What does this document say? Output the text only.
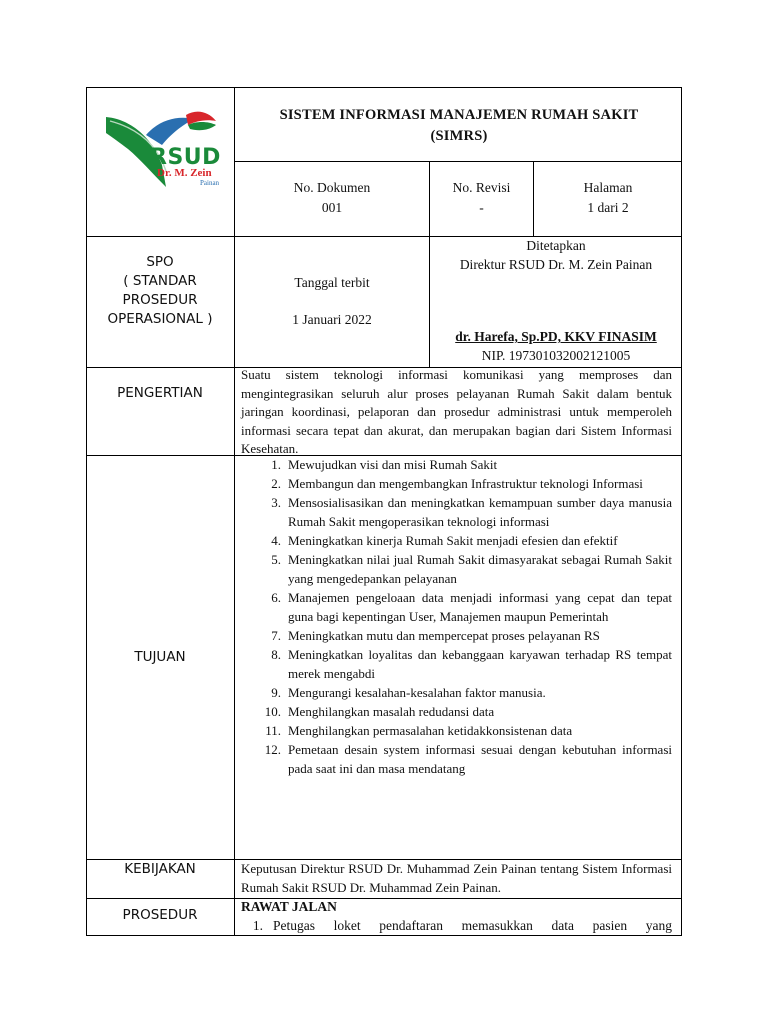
RSUD
Dr. M. Zein
Painan
SISTEM INFORMASI MANAJEMEN RUMAH SAKIT
(SIMRS)
No. Dokumen
001
No. Revisi
-
Halaman
1 dari 2
SPO
( STANDAR
PROSEDUR
OPERASIONAL )
Tanggal terbit
1 Januari 2022
Ditetapkan
Direktur RSUD Dr. M. Zein Painan
dr. Harefa, Sp.PD, KKV FINASIM
NIP. 197301032002121005
PENGERTIAN
Suatu sistem teknologi informasi komunikasi yang memproses dan mengintegrasikan seluruh alur proses pelayanan Rumah Sakit dalam bentuk jaringan koordinasi, pelaporan dan prosedur administrasi untuk memperoleh informasi secara tepat dan akurat, dan merupakan bagian dari Sistem Informasi Kesehatan.
TUJUAN
1. Mewujudkan visi dan misi Rumah Sakit
2. Membangun dan mengembangkan Infrastruktur teknologi Informasi
3. Mensosialisasikan dan meningkatkan kemampuan sumber daya manusia Rumah Sakit mengoperasikan teknologi informasi
4. Meningkatkan kinerja Rumah Sakit menjadi efesien dan efektif
5. Meningkatkan nilai jual Rumah Sakit dimasyarakat sebagai Rumah Sakit yang mengedepankan pelayanan
6. Manajemen pengeloaan data menjadi informasi yang cepat dan tepat guna bagi kepentingan User, Manajemen maupun Pemerintah
7. Meningkatkan mutu dan mempercepat proses pelayanan RS
8. Meningkatkan loyalitas dan kebanggaan karyawan terhadap RS tempat merek mengabdi
9. Mengurangi kesalahan-kesalahan faktor manusia.
10. Menghilangkan masalah redudansi data
11. Menghilangkan permasalahan ketidakkonsistenan data
12. Pemetaan desain system informasi sesuai dengan kebutuhan informasi pada saat ini dan masa mendatang
KEBIJAKAN	Keputusan Direktur RSUD Dr. Muhammad Zein Painan tentang Sistem Informasi Rumah Sakit RSUD Dr. Muhammad Zein Painan.
PROSEDUR
RAWAT JALAN
1. Petugas loket pendaftaran memasukkan data pasien yang
